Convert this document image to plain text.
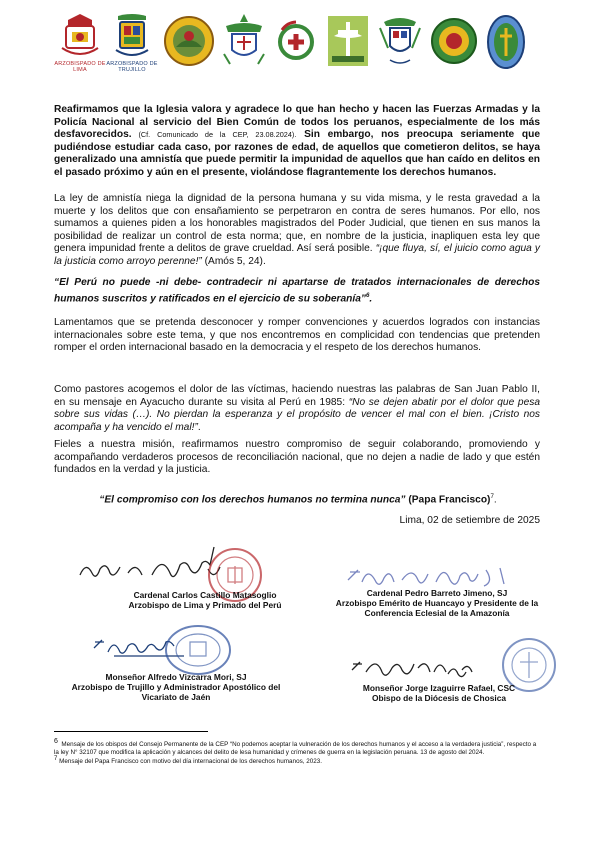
ARZOBISPADO DE LIMA
ARZOBISPADO DE TRUJILLO
Reafirmamos que la Iglesia valora y agradece lo que han hecho y hacen las Fuerzas Armadas y la Policía Nacional al servicio del Bien Común de todos los peruanos, especialmente de los más desfavorecidos. (Cf. Comunicado de la CEP, 23.08.2024). Sin embargo, nos preocupa seriamente que pudiéndose estudiar cada caso, por razones de edad, de aquellos que cometieron delitos, se haya generalizado una amnistía que puede permitir la impunidad de aquellos que han caído en delitos en el pasado próximo y aún en el presente, violándose flagrantemente los derechos humanos.
La ley de amnistía niega la dignidad de la persona humana y su vida misma, y le resta gravedad a la muerte y los delitos que con ensañamiento se perpetraron en contra de seres humanos. Por ello, nos sumamos a quienes piden a los honorables magistrados del Poder Judicial, que tienen en sus manos la posibilidad de realizar un control de esta norma; que, en nombre de la justicia, inapliquen esta ley que genera impunidad frente a delitos de grave crueldad. Así será posible. “¡que fluya, sí, el juicio como agua y la justicia como arroyo perenne!” (Amós 5, 24).
“El Perú no puede -ni debe- contradecir ni apartarse de tratados internacionales de derechos humanos suscritos y ratificados en el ejercicio de su soberanía”$^6$.
Lamentamos que se pretenda desconocer y romper convenciones y acuerdos logrados con instancias internacionales sobre este tema, y que nos encontremos en complicidad con tendencias que pretenden romper el orden internacional basado en la democracia y el respeto de los derechos humanos.
Como pastores acogemos el dolor de las víctimas, haciendo nuestras las palabras de San Juan Pablo II, en su mensaje en Ayacucho durante su visita al Perú en 1985: “No se dejen abatir por el dolor que pesa sobre sus vidas (…). No pierdan la esperanza y el propósito de vencer el mal con el bien. ¡Cristo nos acompaña y ha vencido el mal!”.
Fieles a nuestra misión, reafirmamos nuestro compromiso de seguir colaborando, promoviendo y acompañando verdaderos procesos de reconciliación nacional, que no dejen a nadie de lado y que estén fundados en la verdad y la justicia.
“El compromiso con los derechos humanos no termina nunca” (Papa Francisco)$^7$.
Lima, 02 de setiembre de 2025
Cardenal Carlos Castillo Matasoglio
Arzobispo de Lima y Primado del Perú
Cardenal Pedro Barreto Jimeno, SJ
Arzobispo Emérito de Huancayo y Presidente de la
Conferencia Eclesial de la Amazonía
Monseñor Alfredo Vizcarra Mori, SJ
Arzobispo de Trujillo y Administrador Apostólico del
Vicariato de Jaén
Monseñor Jorge Izaguirre Rafael, CSC
Obispo de la Diócesis de Chosica
$^6$ Mensaje de los obispos del Consejo Permanente de la CEP “No podemos aceptar la vulneración de los derechos humanos y el acceso a la verdadera justicia”, respecto a la ley N° 32107 que modifica la aplicación y alcances del delito de lesa humanidad y crímenes de guerra en la legislación peruana. 13 de agosto del 2024.
$^7$ Mensaje del Papa Francisco con motivo del día internacional de los derechos humanos, 2023.
